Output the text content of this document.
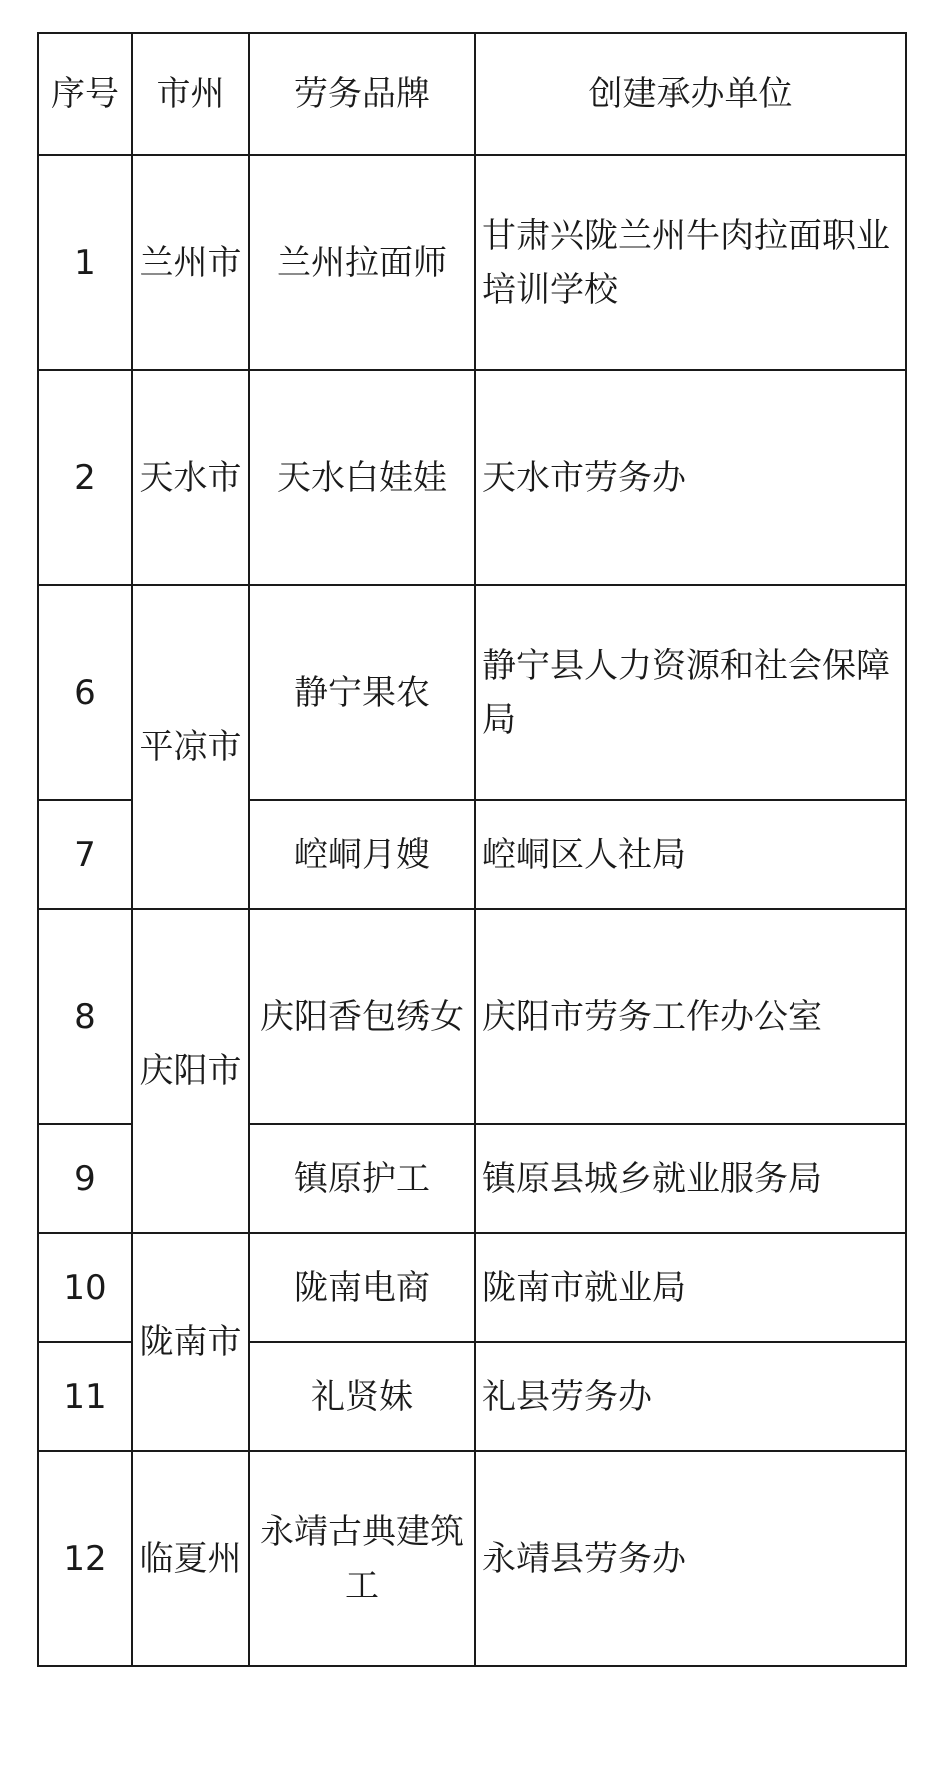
序号	市州	劳务品牌	创建承办单位
1	兰州市	兰州拉面师	甘肃兴陇兰州牛肉拉面职业培训学校
2	天水市	天水白娃娃	天水市劳务办
6	平凉市	静宁果农	静宁县人力资源和社会保障局
7		崆峒月嫂	崆峒区人社局
8	庆阳市	庆阳香包绣女	庆阳市劳务工作办公室
9		镇原护工	镇原县城乡就业服务局
10	陇南市	陇南电商	陇南市就业局
11		礼贤妹	礼县劳务办
12	临夏州	永靖古典建筑工	永靖县劳务办
